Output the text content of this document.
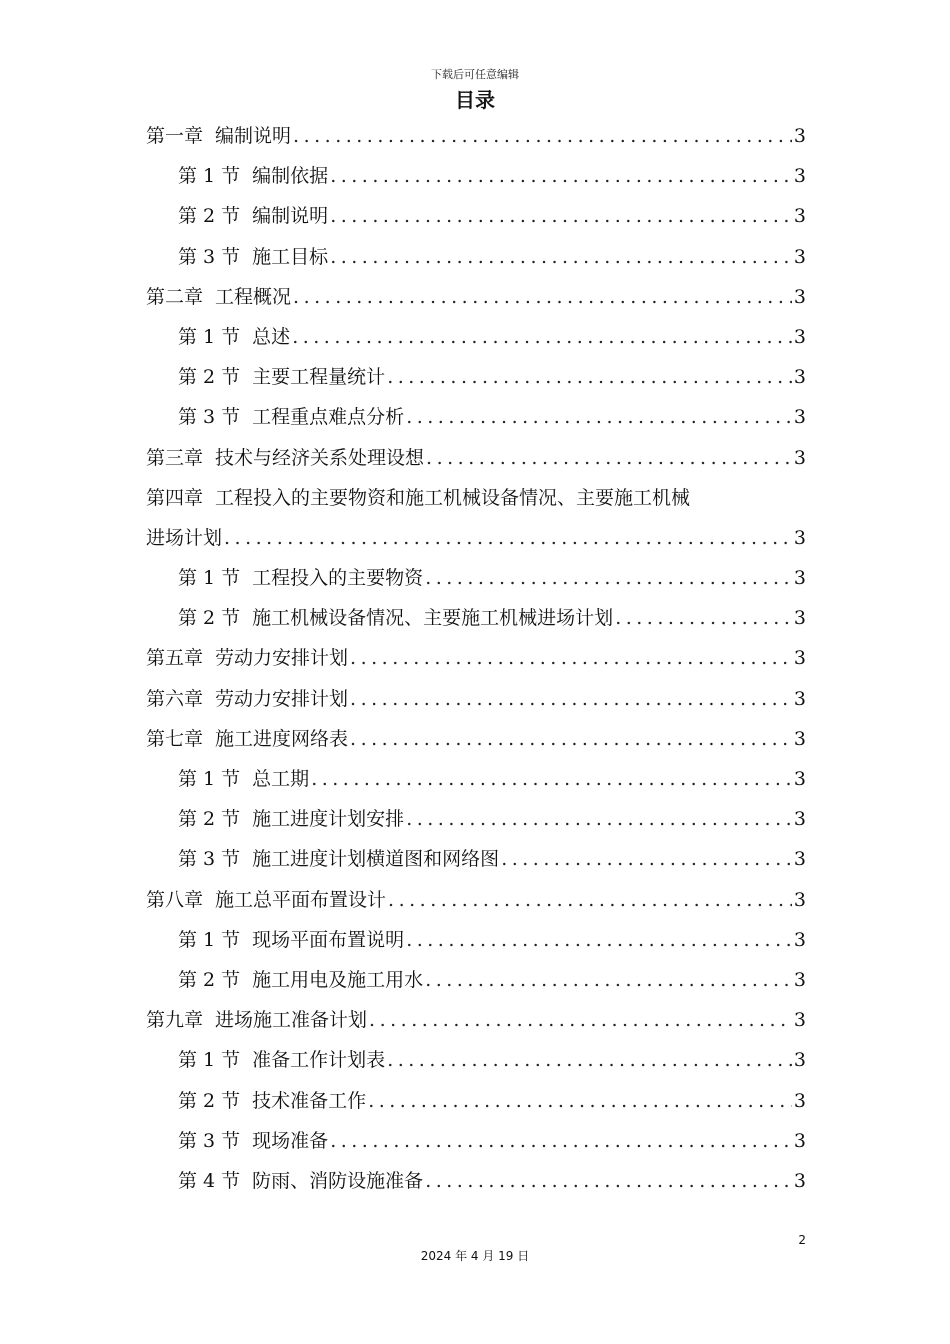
下载后可任意编辑
目录
第一章 编制说明 .....	3
第 1 节 编制依据 .....	3
第 2 节 编制说明 .....	3
第 3 节 施工目标 .....	3
第二章 工程概况 .....	3
第 1 节 总述 .....	3
第 2 节 主要工程量统计 .....	3
第 3 节 工程重点难点分析 .....	3
第三章 技术与经济关系处理设想 .....	3
第四章 工程投入的主要物资和施工机械设备情况、主要施工机械
进场计划 .....	3
第 1 节 工程投入的主要物资 .....	3
第 2 节 施工机械设备情况、主要施工机械进场计划 .....	3
第五章 劳动力安排计划 .....	3
第六章 劳动力安排计划 .....	3
第七章 施工进度网络表 .....	3
第 1 节 总工期 .....	3
第 2 节 施工进度计划安排 .....	3
第 3 节 施工进度计划横道图和网络图 .....	3
第八章 施工总平面布置设计 .....	3
第 1 节 现场平面布置说明 .....	3
第 2 节 施工用电及施工用水 .....	3
第九章 进场施工准备计划 .....	3
第 1 节 准备工作计划表 .....	3
第 2 节 技术准备工作 .....	3
第 3 节 现场准备 .....	3
第 4 节 防雨、消防设施准备 .....	3
2
2024 年 4 月 19 日
